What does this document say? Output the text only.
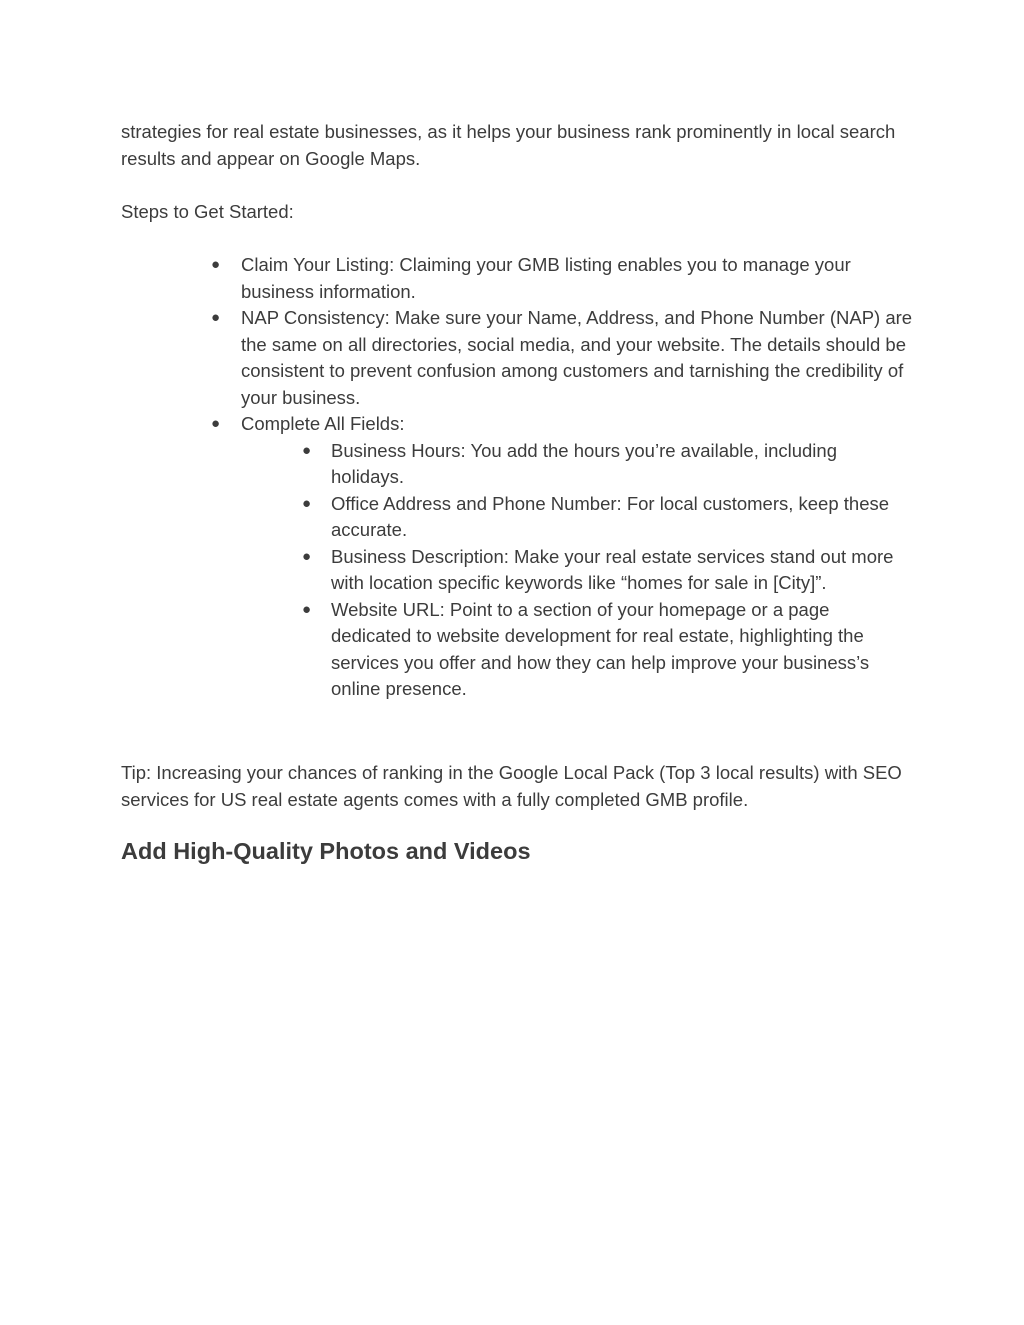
strategies for real estate businesses, as it helps your business rank prominently in local search results and appear on Google Maps.

Steps to Get Started:

● Claim Your Listing: Claiming your GMB listing enables you to manage your business information.
● NAP Consistency: Make sure your Name, Address, and Phone Number (NAP) are the same on all directories, social media, and your website. The details should be consistent to prevent confusion among customers and tarnishing the credibility of your business.
● Complete All Fields:
● Business Hours: You add the hours you’re available, including holidays.
● Office Address and Phone Number: For local customers, keep these accurate.
● Business Description: Make your real estate services stand out more with location specific keywords like “homes for sale in [City]”.
● Website URL: Point to a section of your homepage or a page dedicated to website development for real estate, highlighting the services you offer and how they can help improve your business’s online presence.

Tip: Increasing your chances of ranking in the Google Local Pack (Top 3 local results) with SEO services for US real estate agents comes with a fully completed GMB profile.

Add High-Quality Photos and Videos
